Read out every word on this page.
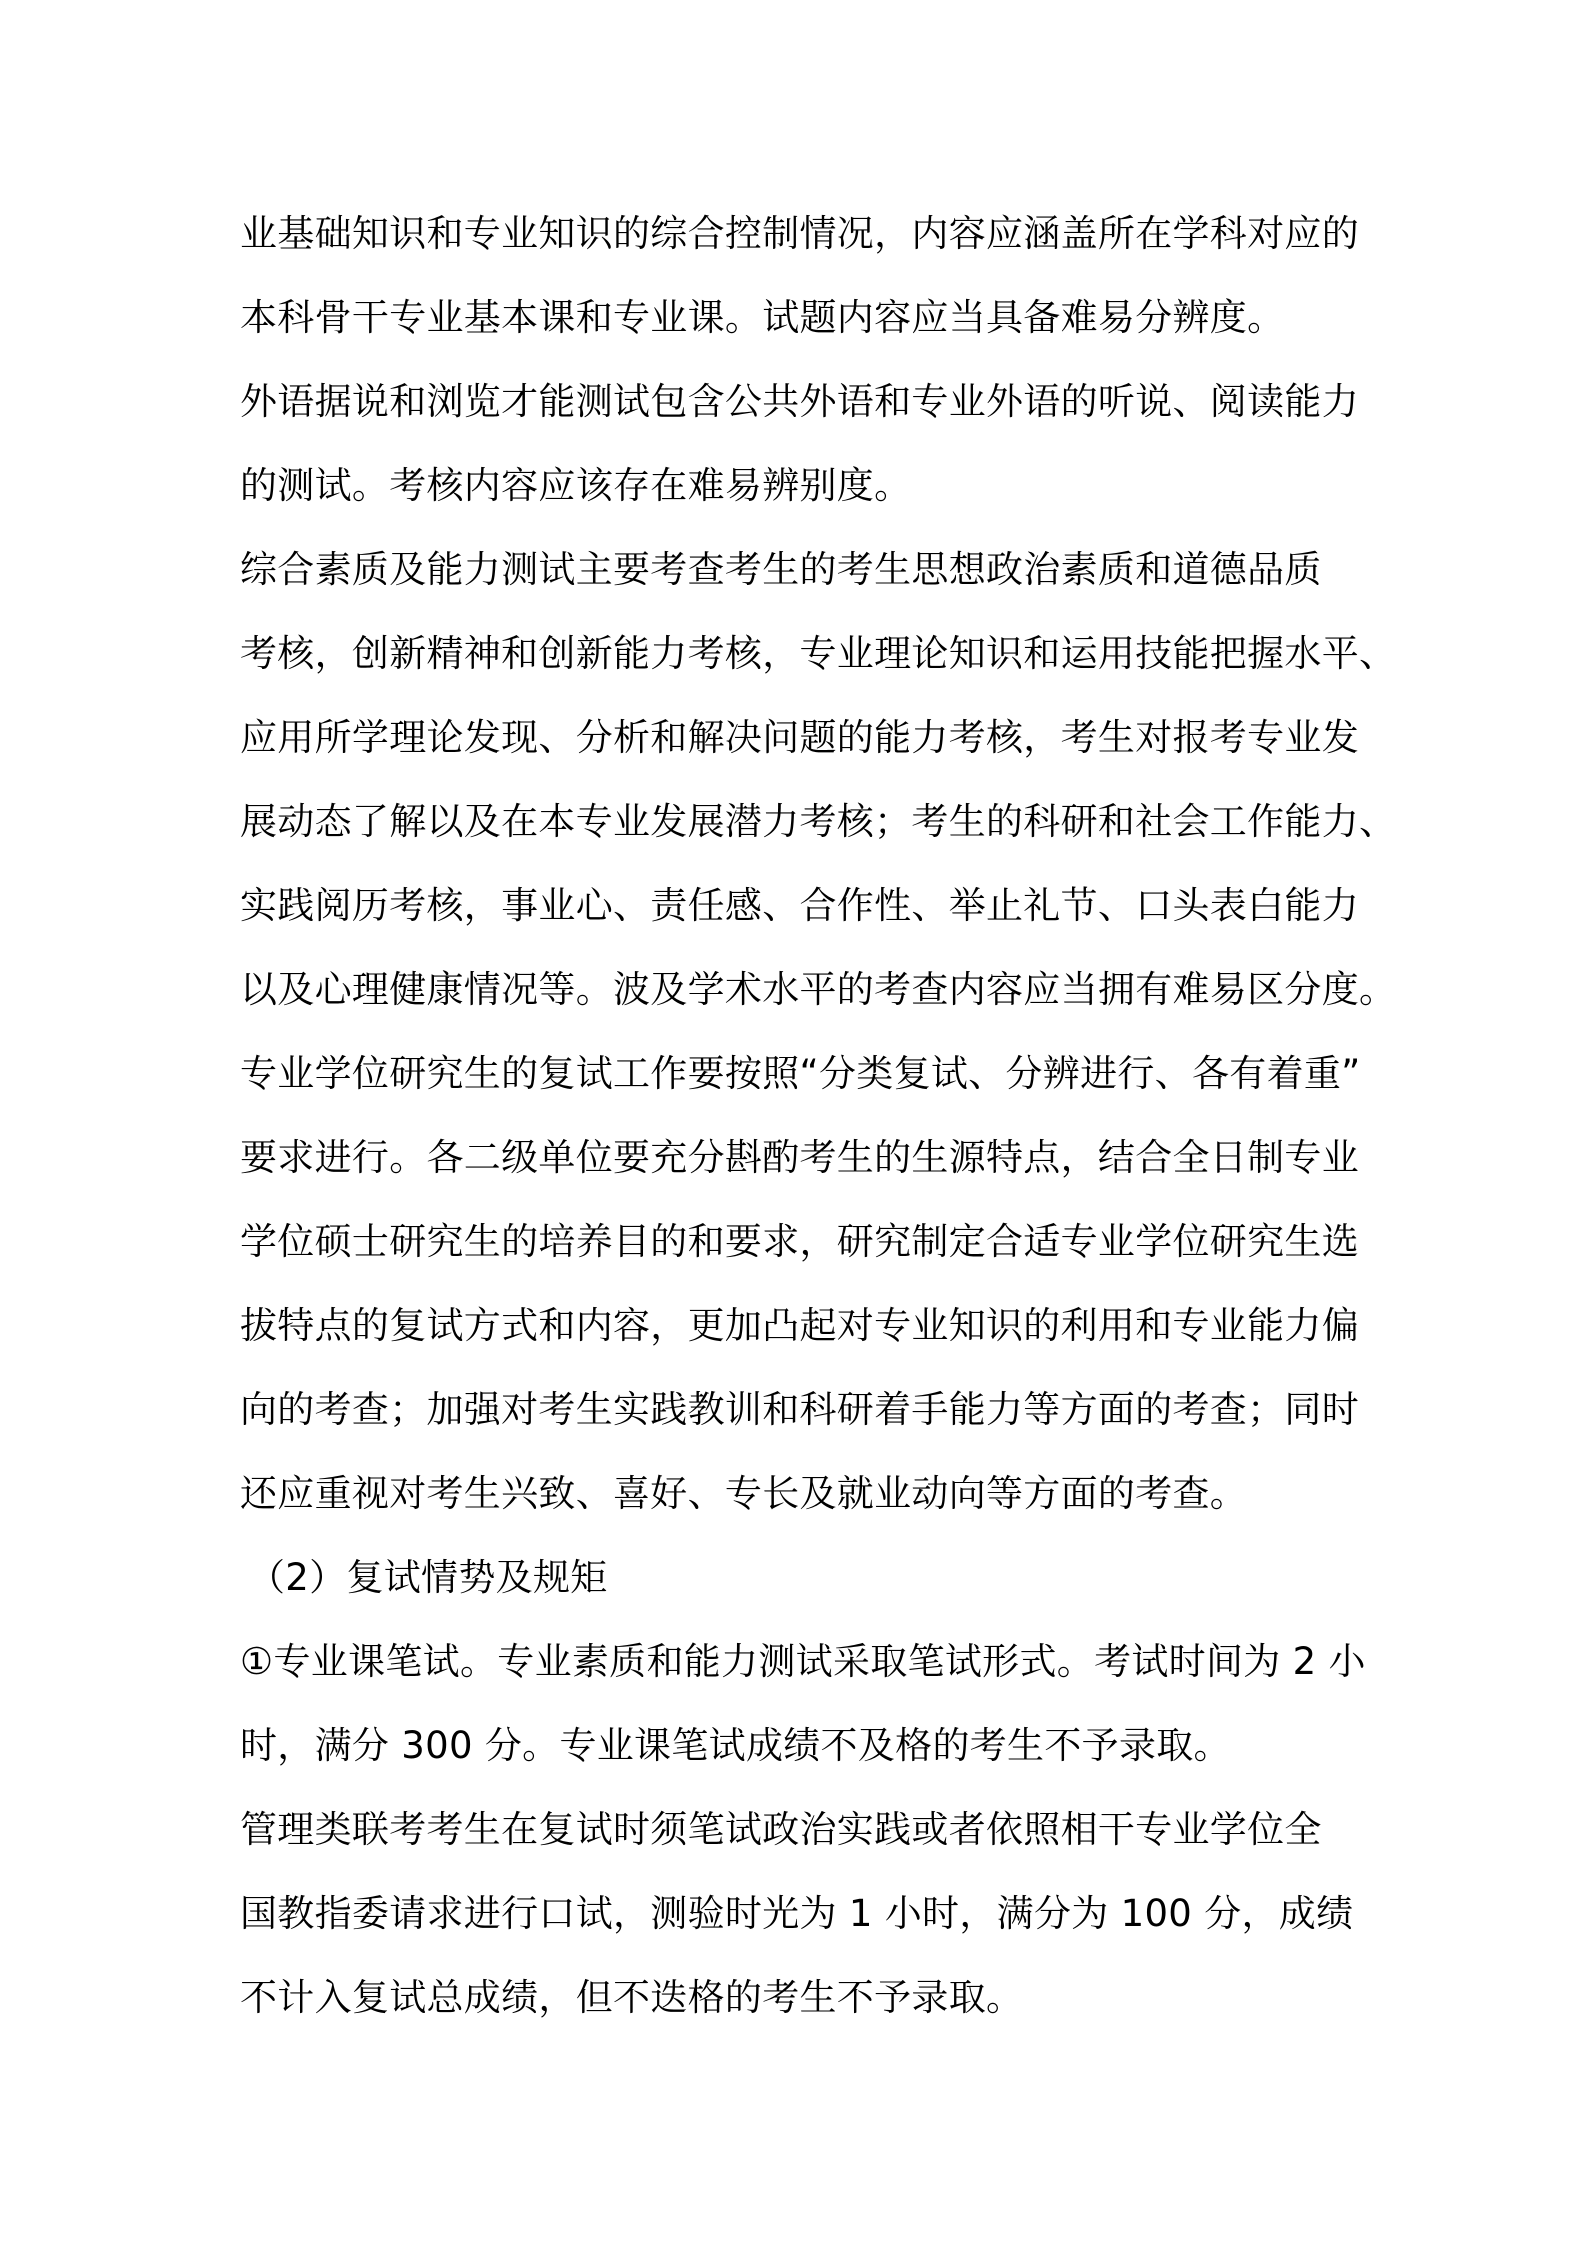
业基础知识和专业知识的综合控制情况，内容应涵盖所在学科对应的
本科骨干专业基本课和专业课。试题内容应当具备难易分辨度。
外语据说和浏览才能测试包含公共外语和专业外语的听说、阅读能力
的测试。考核内容应该存在难易辨别度。
综合素质及能力测试主要考查考生的考生思想政治素质和道德品质
考核，创新精神和创新能力考核，专业理论知识和运用技能把握水平、
应用所学理论发现、分析和解决问题的能力考核，考生对报考专业发
展动态了解以及在本专业发展潜力考核；考生的科研和社会工作能力、
实践阅历考核，事业心、责任感、合作性、举止礼节、口头表白能力
以及心理健康情况等。波及学术水平的考查内容应当拥有难易区分度。
专业学位研究生的复试工作要按照“分类复试、分辨进行、各有着重”
要求进行。各二级单位要充分斟酌考生的生源特点，结合全日制专业
学位硕士研究生的培养目的和要求，研究制定合适专业学位研究生选
拔特点的复试方式和内容，更加凸起对专业知识的利用和专业能力偏
向的考查；加强对考生实践教训和科研着手能力等方面的考查；同时
还应重视对考生兴致、喜好、专长及就业动向等方面的考查。
（2）复试情势及规矩
①专业课笔试。专业素质和能力测试采取笔试形式。考试时间为 2 小
时，满分 300 分。专业课笔试成绩不及格的考生不予录取。
管理类联考考生在复试时须笔试政治实践或者依照相干专业学位全
国教指委请求进行口试，测验时光为 1 小时，满分为 100 分，成绩
不计入复试总成绩，但不迭格的考生不予录取。
